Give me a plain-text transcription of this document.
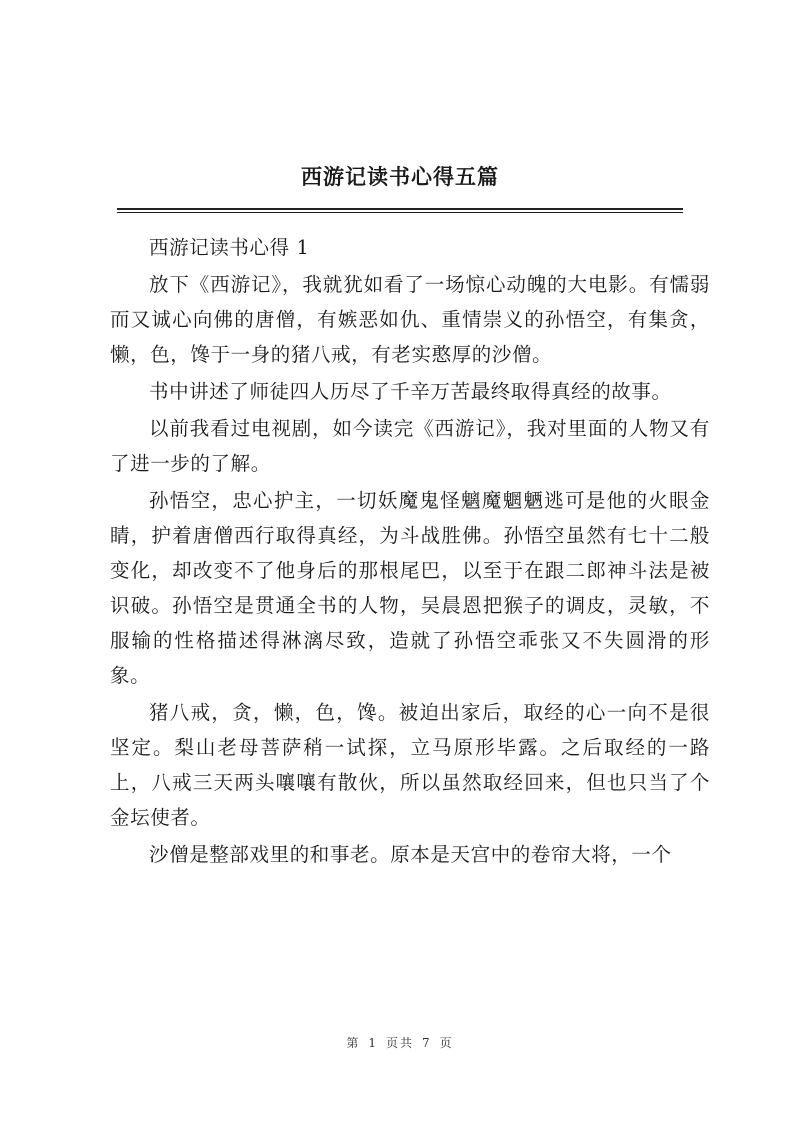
西游记读书心得五篇

西游记读书心得 1

放下《西游记》，我就犹如看了一场惊心动魄的大电影。有懦弱而又诚心向佛的唐僧，有嫉恶如仇、重情崇义的孙悟空，有集贪，懒，色，馋于一身的猪八戒，有老实憨厚的沙僧。

书中讲述了师徒四人历尽了千辛万苦最终取得真经的故事。

以前我看过电视剧，如今读完《西游记》，我对里面的人物又有了进一步的了解。

孙悟空，忠心护主，一切妖魔鬼怪魑魔魍魉逃可是他的火眼金睛，护着唐僧西行取得真经，为斗战胜佛。孙悟空虽然有七十二般变化，却改变不了他身后的那根尾巴，以至于在跟二郎神斗法是被识破。孙悟空是贯通全书的人物，吴晨恩把猴子的调皮，灵敏，不服输的性格描述得淋漓尽致，造就了孙悟空乖张又不失圆滑的形象。

猪八戒，贪，懒，色，馋。被迫出家后，取经的心一向不是很坚定。梨山老母菩萨稍一试探，立马原形毕露。之后取经的一路上，八戒三天两头嚷嚷有散伙，所以虽然取经回来，但也只当了个金坛使者。

沙僧是整部戏里的和事老。原本是天宫中的卷帘大将，一个

第 1 页共 7 页
